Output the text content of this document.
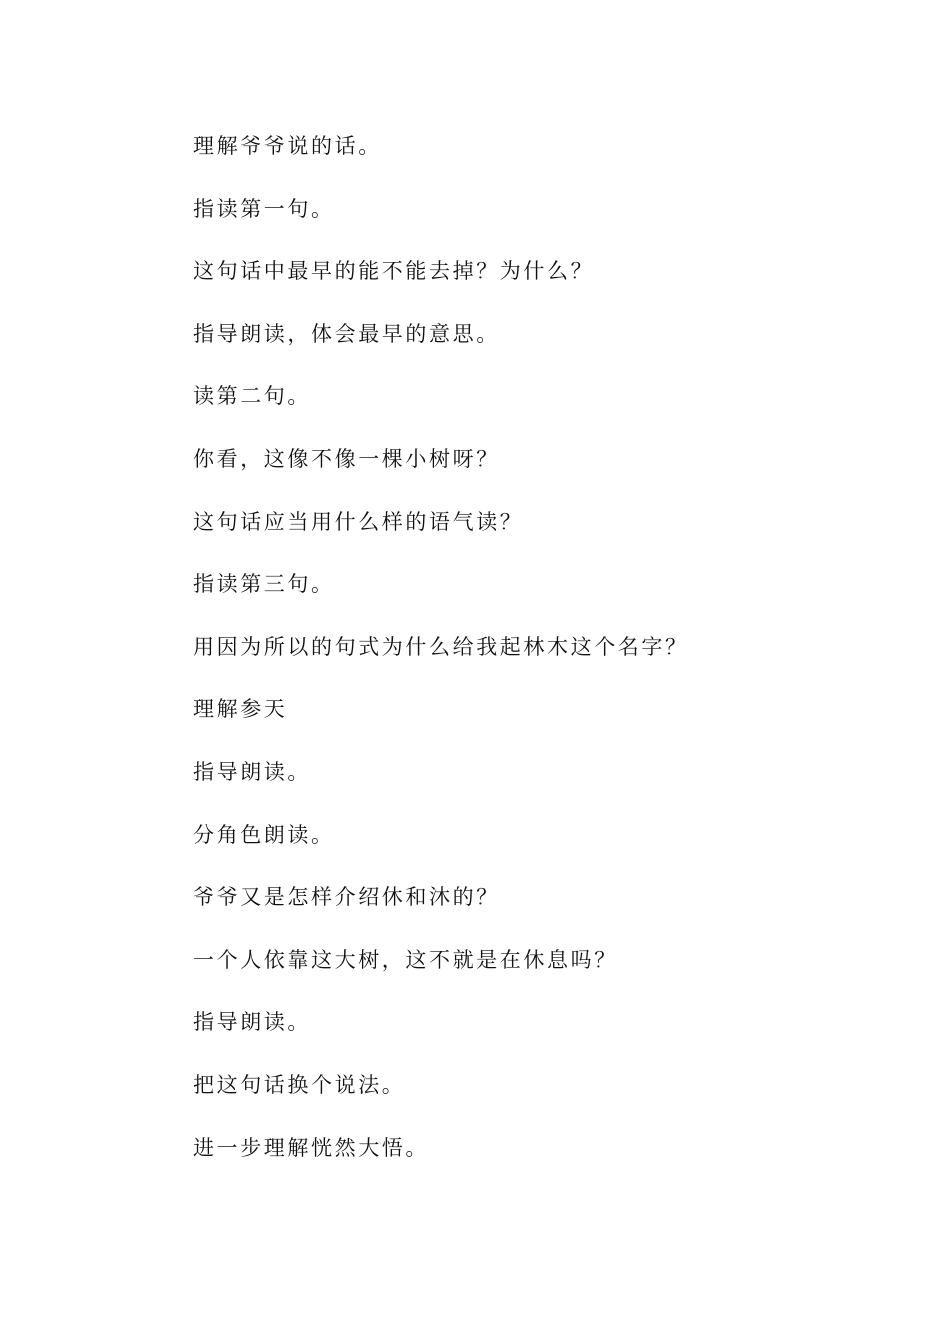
理解爷爷说的话。

指读第一句。

这句话中最早的能不能去掉？为什么？

指导朗读，体会最早的意思。

读第二句。

你看，这像不像一棵小树呀？

这句话应当用什么样的语气读？

指读第三句。

用因为所以的句式为什么给我起林木这个名字？

理解参天

指导朗读。

分角色朗读。

爷爷又是怎样介绍休和沐的？

一个人依靠这大树，这不就是在休息吗？

指导朗读。

把这句话换个说法。

进一步理解恍然大悟。
